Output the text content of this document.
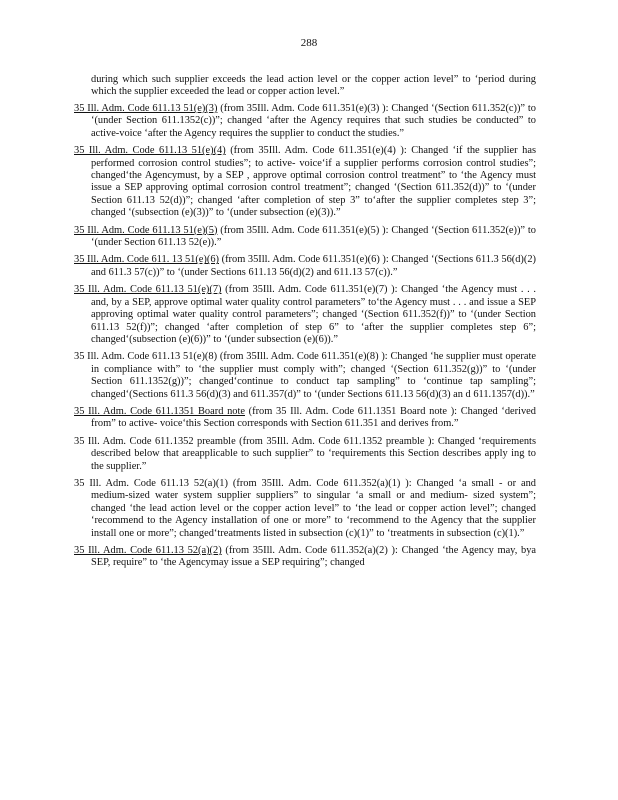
288
during which such supplier exceeds the lead action level or the copper action level” to ‘period during which the supplier exceeded the lead or copper action level.”

35 Ill. Adm. Code 611.13 51(e)(3) (from 35Ill. Adm. Code 611.351(e)(3) ): Changed ‘(Section 611.352(c))” to ‘(under Section 611.1352(c))”; changed ‘after the Agency requires that such studies be conducted” to active-voice ‘after the Agency requires the supplier to conduct the studies.”

35 Ill. Adm. Code 611.13 51(e)(4) (from 35Ill. Adm. Code 611.351(e)(4) ): Changed ‘if the supplier has performed corrosion control studies”; to active- voice‘if a supplier performs corrosion control studies”; changed‘the Agencymust, by a SEP , approve optimal corrosion control treatment” to ‘the Agency must issue a SEP approving optimal corrosion control treatment”; changed ‘(Section 611.352(d))” to ‘(under Section 611.13 52(d))”; changed ‘after completion of step 3” to‘after the supplier completes step 3”; changed ‘(subsection (e)(3))” to ‘(under subsection (e)(3)).”

35 Ill. Adm. Code 611.13 51(e)(5) (from 35Ill. Adm. Code 611.351(e)(5) ): Changed ‘(Section 611.352(e))” to ‘(under Section 611.13 52(e)).”

35 Ill. Adm. Code 611. 13 51(e)(6) (from 35Ill. Adm. Code 611.351(e)(6) ): Changed ‘(Sections 611.3 56(d)(2) and 611.3 57(c))” to ‘(under Sections 611.13 56(d)(2) and 611.13 57(c)).”

35 Ill. Adm. Code 611.13 51(e)(7) (from 35Ill. Adm. Code 611.351(e)(7) ): Changed ‘the Agency must . . . and, by a SEP, approve optimal water quality control parameters” to‘the Agency must . . . and issue a SEP approving optimal water quality control parameters”; changed ‘(Section 611.352(f))” to ‘(under Section 611.13 52(f))”; changed ‘after completion of step 6” to ‘after the supplier completes step 6”; changed‘(subsection (e)(6))” to ‘(under subsection (e)(6)).”

35 Ill. Adm. Code 611.13 51(e)(8) (from 35Ill. Adm. Code 611.351(e)(8) ): Changed ‘he supplier must operate in compliance with” to ‘the supplier must comply with”; changed ‘(Section 611.352(g))” to ‘(under Section 611.1352(g))”; changed‘continue to conduct tap sampling” to ‘continue tap sampling”; changed‘(Sections 611.3 56(d)(3) and 611.357(d)” to ‘(under Sections 611.13 56(d)(3) an d 611.1357(d)).”

35 Ill. Adm. Code 611.1351 Board note (from 35 Ill. Adm. Code 611.1351 Board note ): Changed ‘derived from” to active- voice‘this Section corresponds with Section 611.351 and derives from.”

35 Ill. Adm. Code 611.1352 preamble (from 35Ill. Adm. Code 611.1352 preamble ): Changed ‘requirements described below that areapplicable to such supplier” to ‘requirements this Section describes apply ing to the supplier.”

35 Ill. Adm. Code 611.13 52(a)(1) (from 35Ill. Adm. Code 611.352(a)(1) ): Changed ‘a small - or and medium-sized water system supplier suppliers” to singular ‘a small or and medium- sized system”; changed ‘the lead action level or the copper action level” to ‘the lead or copper action level”; changed ‘recommend to the Agency installation of one or more” to ‘recommend to the Agency that the supplier install one or more”; changed‘treatments listed in subsection (c)(1)” to ‘treatments in subsection (c)(1).”

35 Ill. Adm. Code 611.13 52(a)(2) (from 35Ill. Adm. Code 611.352(a)(2) ): Changed ‘the Agency may, bya SEP, require” to ‘the Agencymay issue a SEP requiring”; changed
